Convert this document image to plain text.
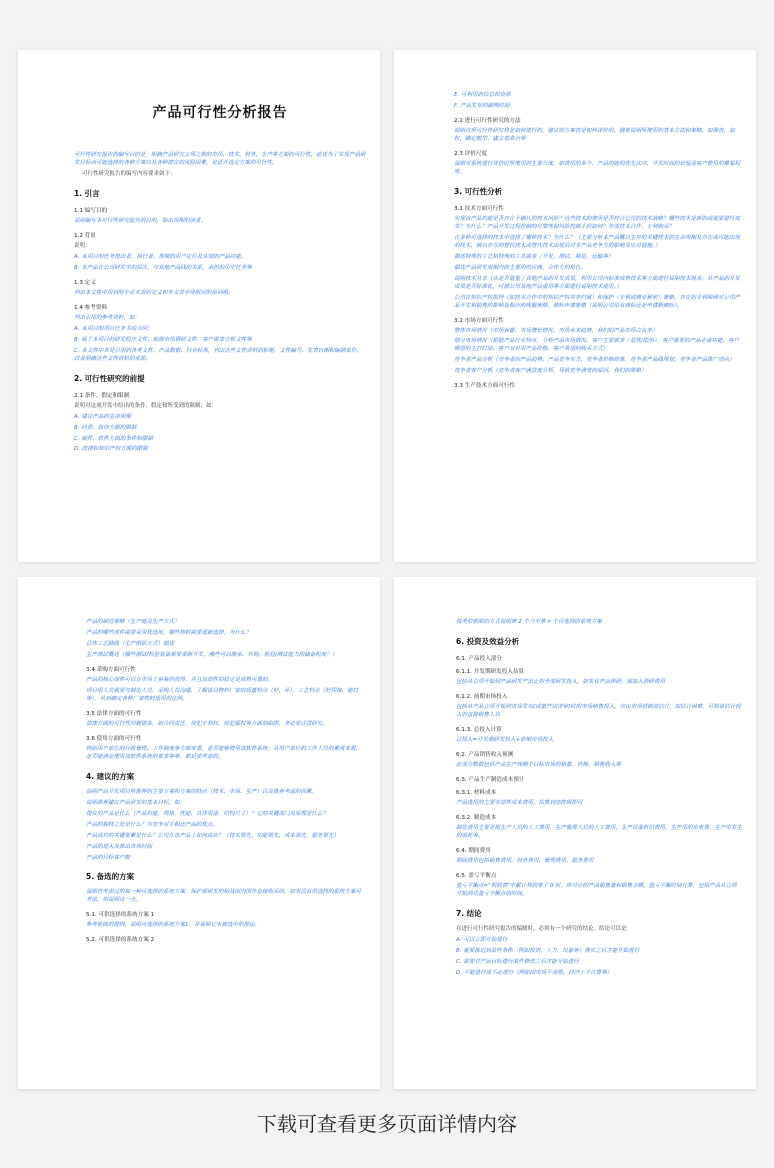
产品可行性分析报告
可行性研究报告的编写目的是：明确产品研究立项之前的市场、技术、财务、生产等方面的可行性，论述为了实现产品研发目标而可能选择的各种方案以及各种潜在的风险因素，论证并选定方案的可行性。
可行性研究报告的编写内容要求如下：
1. 引言
1.1 编写目的
说明编写本可行性研究报告的目的，指出预期的读者。
1.2 背景
说明：
A. 本项目的任务提出者、执行者、预期的用户定位及实现的产品功能。
B. 本产品在公司研发中的层次，与其他产品线的关系，承担的历史任务等
1.3 定义
列出本文件中用到的专业术语的定义和外文首字母组词的原词组。
1.4 参考资料
列出引用的参考资料，如：
A. 本项目的项目任务书或合同；
B. 属于本项目的研发程序文件、前期市场调研文件、客户需求分析文件等
C. 本文件中各处引用的各类文件、产品数据、行业标准，列出这些文件资料的标题、文件编号、发表日期和编制单位，以及明确这些文件资料的来源。
2. 可行性研究的前提
2.1 条件、假定和限制
说明对这项开发中给出的条件、假定和所受到的限制，如：
A. 建议产品的生命周期
B. 经费、投资方面的限制
C. 硬件、软件方面的条件和限制
D. 法律和知识产权方面的限制
E. 可利用的信息和资源
F. 产品发布的最晚时间
2.2 进行可行性研究的方法
说明这项可行性研究将是如何进行的，建议的方案将是如何评价的。摘要说明所使用的基本方法和策略，如调查、加权、确定模型、建立基准点等
2.3 评价尺度
说明对系统进行评价时所使用的主要尺度，如费用的多少、产品功能的优先次序、开发时间的长短及客户使用的难易程度。
3. 可行性分析
3.1 技术方面可行性
实现该产品功能是否存在不确认的技术风险？这些技术的使用是否符合公司的技术战略？哪些技术是新的或需要进行攻关？为什么？产品开发过程控制的可靠性和风险控制手段如何？外部技术合作、专利购买？
在多种可选择的技术中选择了哪种技术？为什么？（主要分析本产品概以生存的关键技术的生命周期及存在或可能出现的技术，阐以存在的替代技术或替代技术出现后对本产品竞争力的影响及应对措施。）
描述特殊的工艺和特殊的工具需求（开发、测试、制造、运输等）
描述产品研发周期内的主要的供应商、合作方的角色。
说明技术共享（从是否借鉴了其他产品的开发成果，利用公司内标准成熟技术等方面进行说明技术继承；从产品的开发成果是否标准化，可被公司其他产品重用等方面进行说明技术重用。）
公司在知识产权取得（如技术合作中的知识产权共享归属）和保护（专利或商业秘密）策略，存在的专利障碍对公司产品开发和销售的影响及相应的规避策略，商标申请策略（说明公司原有商标还是申请新商标）。
3.2 市场方面可行性
整体市场情况（市场容量、市场增长情况、市场未来趋势、我们的产品市场占有率）
细分市场情况（根据产品行业特点，分析产品市场情况、客户主要需求（显性/隐形）、客户需要的产品必备功能、客户期望的主打时间、客户对可用产品价格、客户希望的购买方式）
竞争者产品分析（竞争者的产品趋势、产品竞争实力、竞争者价格政策、竞争者产品线规划，竞争者产品推广动向）
竞争者客户分析（竞争者客户满意度分析，导致竞争满度的原因、我们的策略）
3.3 生产技术方面可行性
产品的制造策略（生产地及生产方式）
产品的哪些部件需要采用优选库，哪些物料需要重新选择，为什么？
总体工艺路线（生产组织方式）描述
生产测试概述（哪些测试/检验装备需要重新开发、哪些可以继承、外购，检验/测试能力的储备程度？）
3.4 采购方面可行性
产品的核心部件可以在市场上容易的获得，并且该部件的稳定是成熟可靠的。
项目组人员需要与制造人员、采购人员沟通，了解该目物料厂家的质量特点（好、坏），工艺特点（好焊接、能打等），从而确定各种厂家物料选用的比例。
3.5 法律方面的可行性
法律方面的可行性问题很多，如合同责任、侵犯专利权、侵犯版权等方面的陷阱，务必要注意研究。
3.6 使用方面的可行性
例如用户单位的行政管理、工作制度等方面来看，是否能够使用该软件系统；从用户单位的工作人员的素质来看，是否能满足使用该软件系统的要求等等，都是要考虑的。
4. 建议的方案
说明产品开发项目所推荐的主要方案和方案的特点（技术、市场、生产）以及推荐考虑的因素。
说明推荐建议产品研发的基本目标，如：
提议的产品是什么（产品功能、规格、性能、具体用途、结构尺寸）？它的关键部门及原理是什么？
产品的独特之处是什么？与竞争对手相比产品的优点。
产品成功的关键要素是什么？公司在该产品上如何成功？（技术领先、功能领先、成本领先、服务领先）
产品的进入及推出市场时间
产品的目标客户群
5. 备选的方案
说明曾考虑过的每一种可选择的系统方案，保护需研发的和其因内国外直接购买的，如果没有供选择的系统方案可考虑，则说明这一点。
5.1. 可供选择的系统方案 1
参考前面的提纲，说明可选择的系统方案1，并说明它未被选中的理由。
5.2. 可供选择的系统方案 2
按类似前面的方式说明第 2 个乃至第 n 个可选择的系统方案
6. 投资及效益分析
6.1. 产品投入部分
6.1.1. 开发期研发投入估算
包括从立项开始到产品研发产出止的全部研发投入，如果有产品预研，需加入预研费用
6.1.2. 前期市场投入
包括从产品立项开始到市场发布(或量产试评审)时的市场销售投入。应由市场营销部估计，如估计困难，可简单估计投入的直接销售人员
6.1.3. 总投入计算
总投入=开发期研发投入+前期市场投入
6.2. 产品销售收入预测
此部分数据包括产品生产周期个目标市场的销量、价格、销售收入等
6.3. 产品生产制造成本预计
6.3.1. 材料成本
产品选用的主要零部件成本费用，估算到部件级即可
6.3.2. 制造成本
制造费用主要是指生产人员的人工费用，生产管理人员的人工费用，生产设备折旧费用，生产用的水电费、生产中发生的消耗等。
6.4. 期间费用
期间费用包括销售费用、财务费用、管理费用、服务费用
6.5. 盈亏平衡点
盈亏平衡点="利润表"中累计利润等于 0 时，所对应的产品销售量和销售金额。盈亏平衡时间计算，包括产品从立项开始到达盈亏平衡点的时间。
7. 结论
在进行可行性研究报告的编制时，必须有一个研究的结论。结论可以是：
A. 可以立即开始进行
B. 需要推迟到某些条件（例如投资、人力、设备等）落实之后才能开始进行
C. 需要对产品目标进行某些修改之后才能开始进行
D. 不能进行或不必进行（例如因市场不成熟、经济上不合算等）
下载可查看更多页面详情内容
